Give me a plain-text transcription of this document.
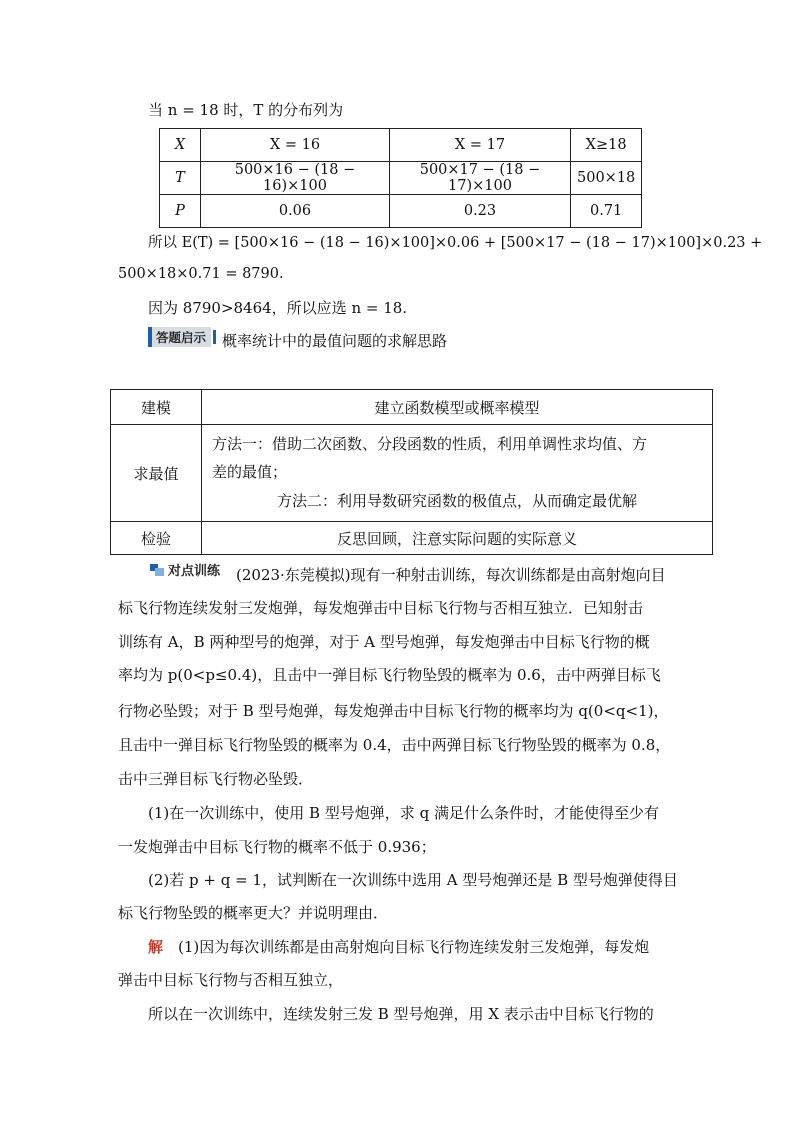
当 n = 18 时，T 的分布列为
X	X = 16	X = 17	X≥18
T	500×16 − (18 − 16)×100	500×17 − (18 − 17)×100	500×18
P	0.06	0.23	0.71
所以 E(T) = [500×16 − (18 − 16)×100]×0.06 + [500×17 − (18 − 17)×100]×0.23 +
500×18×0.71 = 8790.
因为 8790>8464，所以应选 n = 18.
答题启示	概率统计中的最值问题的求解思路
建模	建立函数模型或概率模型
求最值	方法一：借助二次函数、分段函数的性质，利用单调性求均值、方
差的最值；
方法二：利用导数研究函数的极值点，从而确定最优解

检验	反思回顾，注意实际问题的实际意义
对点训练 (2023·东莞模拟)现有一种射击训练，每次训练都是由高射炮向目
标飞行物连续发射三发炮弹，每发炮弹击中目标飞行物与否相互独立．已知射击
训练有 A，B 两种型号的炮弹，对于 A 型号炮弹，每发炮弹击中目标飞行物的概
率均为 p(0<p≤0.4)，且击中一弹目标飞行物坠毁的概率为 0.6，击中两弹目标飞
行物必坠毁；对于 B 型号炮弹，每发炮弹击中目标飞行物的概率均为 q(0<q<1)，
且击中一弹目标飞行物坠毁的概率为 0.4，击中两弹目标飞行物坠毁的概率为 0.8，
击中三弹目标飞行物必坠毁．
(1)在一次训练中，使用 B 型号炮弹，求 q 满足什么条件时，才能使得至少有
一发炮弹击中目标飞行物的概率不低于 0.936；
(2)若 p + q = 1，试判断在一次训练中选用 A 型号炮弹还是 B 型号炮弹使得目
标飞行物坠毁的概率更大？并说明理由．
解 (1)因为每次训练都是由高射炮向目标飞行物连续发射三发炮弹，每发炮
弹击中目标飞行物与否相互独立，
所以在一次训练中，连续发射三发 B 型号炮弹，用 X 表示击中目标飞行物的
